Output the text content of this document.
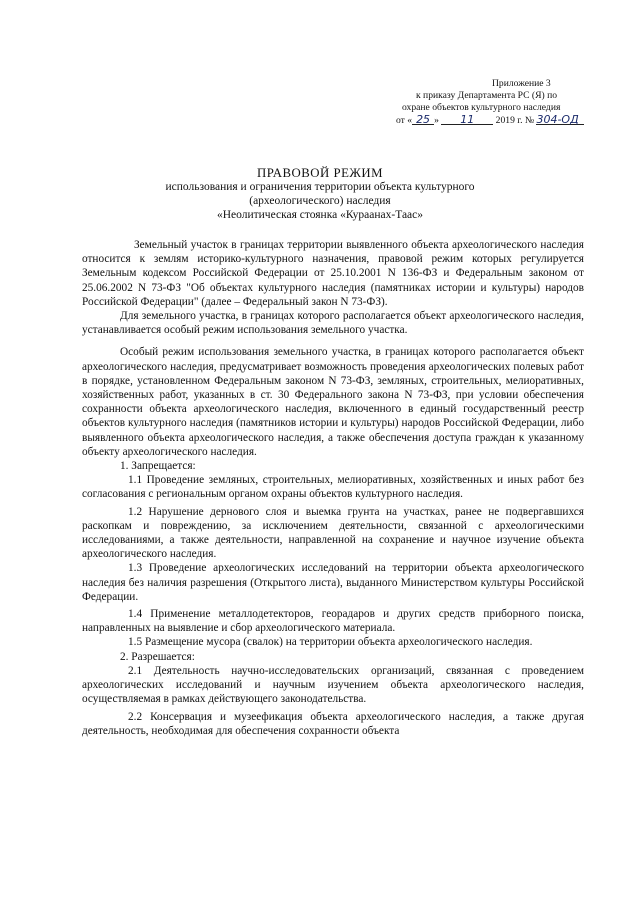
Приложение 3
к приказу Департамента РС (Я) по
охране объектов культурного наследия
от « 25 » 11 2019 г. № 304-ОД
ПРАВОВОЙ РЕЖИМ
использования и ограничения территории объекта культурного
(археологического) наследия
«Неолитическая стоянка «Курaaнах-Таас»

Земельный участок в границах территории выявленного объекта археологического наследия относится к землям историко-культурного назначения, правовой режим которых регулируется Земельным кодексом Российской Федерации от 25.10.2001 N 136-ФЗ и Федеральным законом от 25.06.2002 N 73-ФЗ "Об объектах культурного наследия (памятниках истории и культуры) народов Российской Федерации" (далее – Федеральный закон N 73-ФЗ).

Для земельного участка, в границах которого располагается объект археологического наследия, устанавливается особый режим использования земельного участка.

Особый режим использования земельного участка, в границах которого располагается объект археологического наследия, предусматривает возможность проведения археологических полевых работ в порядке, установленном Федеральным законом N 73-ФЗ, земляных, строительных, мелиоративных, хозяйственных работ, указанных в ст. 30 Федерального закона N 73-ФЗ, при условии обеспечения сохранности объекта археологического наследия, включенного в единый государственный реестр объектов культурного наследия (памятников истории и культуры) народов Российской Федерации, либо выявленного объекта археологического наследия, а также обеспечения доступа граждан к указанному объекту археологического наследия.

1. Запрещается:

1.1 Проведение земляных, строительных, мелиоративных, хозяйственных и иных работ без согласования с региональным органом охраны объектов культурного наследия.

1.2 Нарушение дернового слоя и выемка грунта на участках, ранее не подвергавшихся раскопкам и повреждению, за исключением деятельности, связанной с археологическими исследованиями, а также деятельности, направленной на сохранение и научное изучение объекта археологического наследия.

1.3 Проведение археологических исследований на территории объекта археологического наследия без наличия разрешения (Открытого листа), выданного Министерством культуры Российской Федерации.

1.4 Применение металлодетекторов, георадаров и других средств приборного поиска, направленных на выявление и сбор археологического материала.

1.5 Размещение мусора (свалок) на территории объекта археологического наследия.

2. Разрешается:

2.1 Деятельность научно-исследовательских организаций, связанная с проведением археологических исследований и научным изучением объекта археологического наследия, осуществляемая в рамках действующего законодательства.

2.2 Консервация и музеефикация объекта археологического наследия, а также другая деятельность, необходимая для обеспечения сохранности объекта
